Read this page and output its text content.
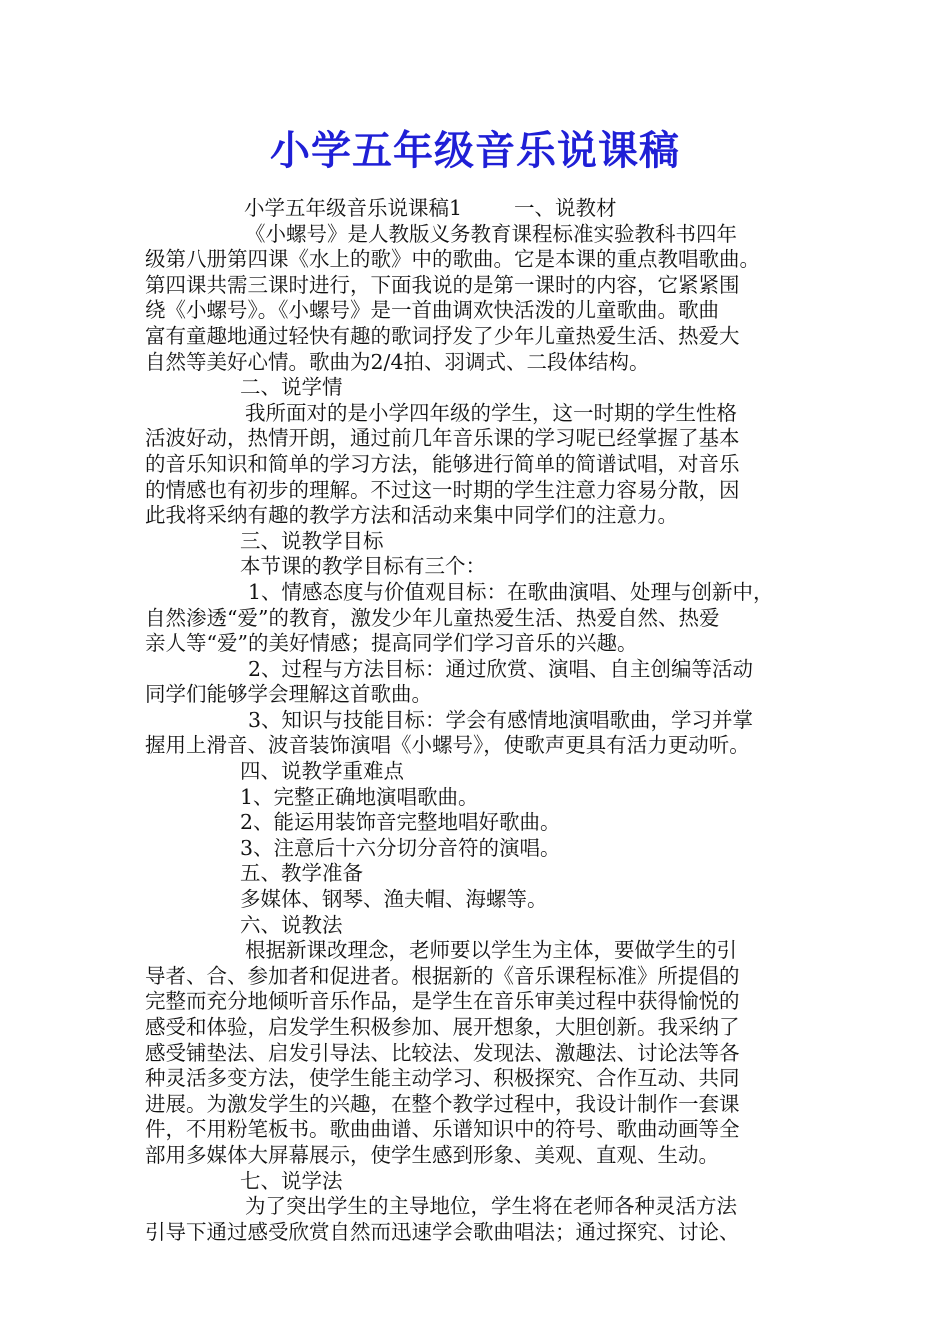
小学五年级音乐说课稿
小学五年级音乐说课稿1	一、说教材
《小螺号》是人教版义务教育课程标准实验教科书四年
级第八册第四课《水上的歌》中的歌曲。它是本课的重点教唱歌曲。
第四课共需三课时进行，下面我说的是第一课时的内容，它紧紧围
绕《小螺号》。《小螺号》是一首曲调欢快活泼的儿童歌曲。歌曲
富有童趣地通过轻快有趣的歌词抒发了少年儿童热爱生活、热爱大
自然等美好心情。歌曲为2/4拍、羽调式、二段体结构。
二、说学情
我所面对的是小学四年级的学生，这一时期的学生性格
活波好动，热情开朗，通过前几年音乐课的学习呢已经掌握了基本
的音乐知识和简单的学习方法，能够进行简单的简谱试唱，对音乐
的情感也有初步的理解。不过这一时期的学生注意力容易分散，因
此我将采纳有趣的教学方法和活动来集中同学们的注意力。
三、说教学目标
本节课的教学目标有三个：
1、情感态度与价值观目标：在歌曲演唱、处理与创新中，
自然渗透“爱”的教育，激发少年儿童热爱生活、热爱自然、热爱
亲人等“爱”的美好情感；提高同学们学习音乐的兴趣。
2、过程与方法目标：通过欣赏、演唱、自主创编等活动
同学们能够学会理解这首歌曲。
3、知识与技能目标：学会有感情地演唱歌曲，学习并掌
握用上滑音、波音装饰演唱《小螺号》，使歌声更具有活力更动听。
四、说教学重难点
1、完整正确地演唱歌曲。
2、能运用装饰音完整地唱好歌曲。
3、注意后十六分切分音符的演唱。
五、教学准备
多媒体、钢琴、渔夫帽、海螺等。
六、说教法
根据新课改理念，老师要以学生为主体，要做学生的引
导者、合、参加者和促进者。根据新的《音乐课程标准》所提倡的
完整而充分地倾听音乐作品，是学生在音乐审美过程中获得愉悦的
感受和体验，启发学生积极参加、展开想象，大胆创新。我采纳了
感受铺垫法、启发引导法、比较法、发现法、激趣法、讨论法等各
种灵活多变方法，使学生能主动学习、积极探究、合作互动、共同
进展。为激发学生的兴趣，在整个教学过程中，我设计制作一套课
件，不用粉笔板书。歌曲曲谱、乐谱知识中的符号、歌曲动画等全
部用多媒体大屏幕展示，使学生感到形象、美观、直观、生动。
七、说学法
为了突出学生的主导地位，学生将在老师各种灵活方法
引导下通过感受欣赏自然而迅速学会歌曲唱法；通过探究、讨论、
